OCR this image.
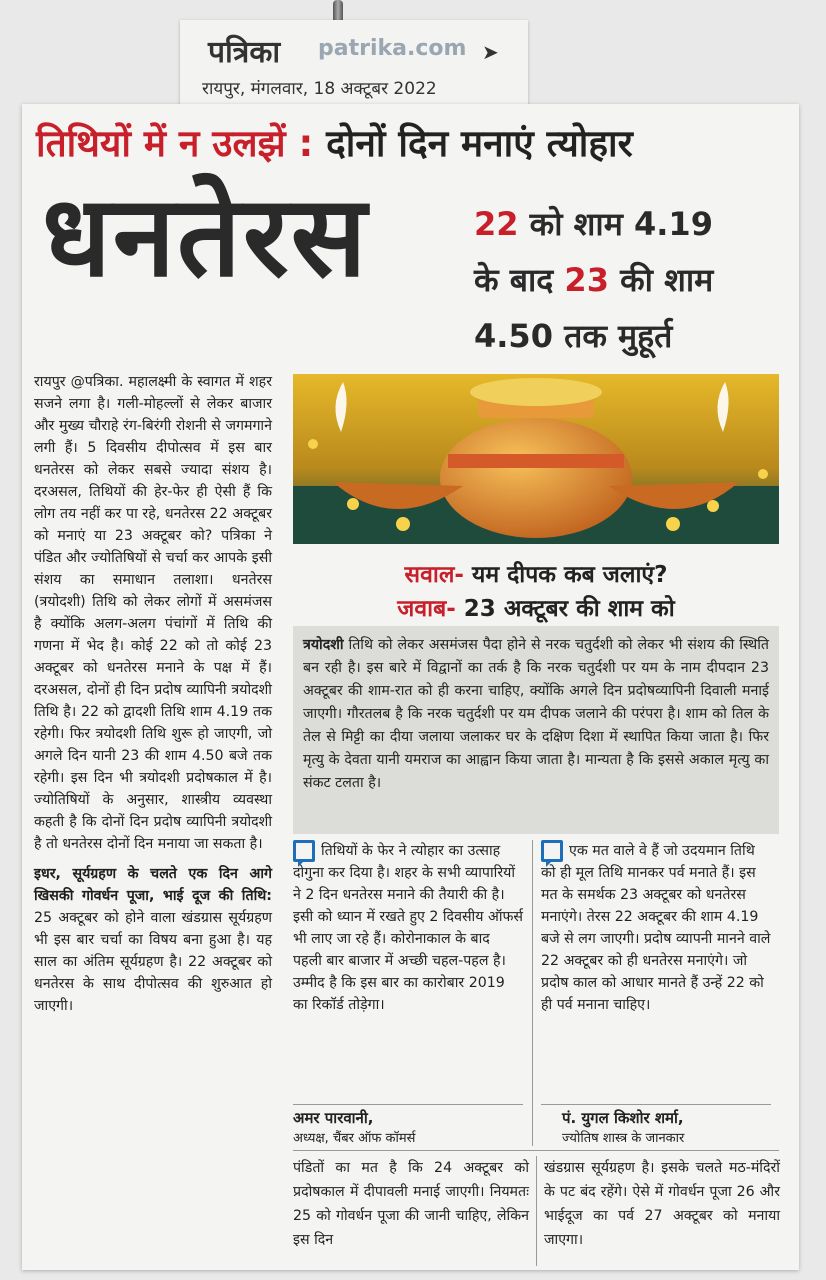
पत्रिका patrika.com ➤
रायपुर, मंगलवार, 18 अक्टूबर 2022
तिथियों में न उलझें : दोनों दिन मनाएं त्योहार
धनतेरस	22 को शाम 4.19
के बाद 23 की शाम
4.50 तक मुहूर्त

रायपुर @पत्रिका. महालक्ष्मी के स्वागत में शहर सजने लगा है। गली-मोहल्लों से लेकर बाजार और मुख्य चौराहे रंग-बिरंगी रोशनी से जगमगाने लगी हैं। 5 दिवसीय दीपोत्सव में इस बार धनतेरस को लेकर सबसे ज्यादा संशय है। दरअसल, तिथियों की हेर-फेर ही ऐसी हैं कि लोग तय नहीं कर पा रहे, धनतेरस 22 अक्टूबर को मनाएं या 23 अक्टूबर को? पत्रिका ने पंडित और ज्योतिषियों से चर्चा कर आपके इसी संशय का समाधान तलाशा। धनतेरस (त्रयोदशी) तिथि को लेकर लोगों में असमंजस है क्योंकि अलग-अलग पंचांगों में तिथि की गणना में भेद है। कोई 22 को तो कोई 23 अक्टूबर को धनतेरस मनाने के पक्ष में हैं। दरअसल, दोनों ही दिन प्रदोष व्यापिनी त्रयोदशी तिथि है। 22 को द्वादशी तिथि शाम 4.19 तक रहेगी। फिर त्रयोदशी तिथि शुरू हो जाएगी, जो अगले दिन यानी 23 की शाम 4.50 बजे तक रहेगी। इस दिन भी त्रयोदशी प्रदोषकाल में है। ज्योतिषियों के अनुसार, शास्त्रीय व्यवस्था कहती है कि दोनों दिन प्रदोष व्यापिनी त्रयोदशी है तो धनतेरस दोनों दिन मनाया जा सकता है।

इधर, सूर्यग्रहण के चलते एक दिन आगे खिसकी गोवर्धन पूजा, भाई दूज की तिथि: 25 अक्टूबर को होने वाला खंडग्रास सूर्यग्रहण भी इस बार चर्चा का विषय बना हुआ है। यह साल का अंतिम सूर्यग्रहण है। 22 अक्टूबर को धनतेरस के साथ दीपोत्सव की शुरुआत हो जाएगी।

सवाल- यम दीपक कब जलाएं?
जवाब- 23 अक्टूबर की शाम को
त्रयोदशी तिथि को लेकर असमंजस पैदा होने से नरक चतुर्दशी को लेकर भी संशय की स्थिति बन रही है। इस बारे में विद्वानों का तर्क है कि नरक चतुर्दशी पर यम के नाम दीपदान 23 अक्टूबर की शाम-रात को ही करना चाहिए, क्योंकि अगले दिन प्रदोषव्यापिनी दिवाली मनाई जाएगी। गौरतलब है कि नरक चतुर्दशी पर यम दीपक जलाने की परंपरा है। शाम को तिल के तेल से मिट्टी का दीया जलाया जलाकर घर के दक्षिण दिशा में स्थापित किया जाता है। फिर मृत्यु के देवता यानी यमराज का आह्वान किया जाता है। मान्यता है कि इससे अकाल मृत्यु का संकट टलता है।
तिथियों के फेर ने त्योहार का उत्साह दोगुना कर दिया है। शहर के सभी व्यापारियों ने 2 दिन धनतेरस मनाने की तैयारी की है। इसी को ध्यान में रखते हुए 2 दिवसीय ऑफर्स भी लाए जा रहे हैं। कोरोनाकाल के बाद पहली बार बाजार में अच्छी चहल-पहल है। उम्मीद है कि इस बार का कारोबार 2019 का रिकॉर्ड तोड़ेगा।
अमर पारवानी,
अध्यक्ष, चैंबर ऑफ कॉमर्स
एक मत वाले वे हैं जो उदयमान तिथि को ही मूल तिथि मानकर पर्व मनाते हैं। इस मत के समर्थक 23 अक्टूबर को धनतेरस मनाएंगे। तेरस 22 अक्टूबर की शाम 4.19 बजे से लग जाएगी। प्रदोष व्यापनी मानने वाले 22 अक्टूबर को ही धनतेरस मनाएंगे। जो प्रदोष काल को आधार मानते हैं उन्हें 22 को ही पर्व मनाना चाहिए।
पं. युगल किशोर शर्मा,
ज्योतिष शास्त्र के जानकार
पंडितों का मत है कि 24 अक्टूबर को प्रदोषकाल में दीपावली मनाई जाएगी। नियमतः 25 को गोवर्धन पूजा की जानी चाहिए, लेकिन इस दिन
खंडग्रास सूर्यग्रहण है। इसके चलते मठ-मंदिरों के पट बंद रहेंगे। ऐसे में गोवर्धन पूजा 26 और भाईदूज का पर्व 27 अक्टूबर को मनाया जाएगा।
